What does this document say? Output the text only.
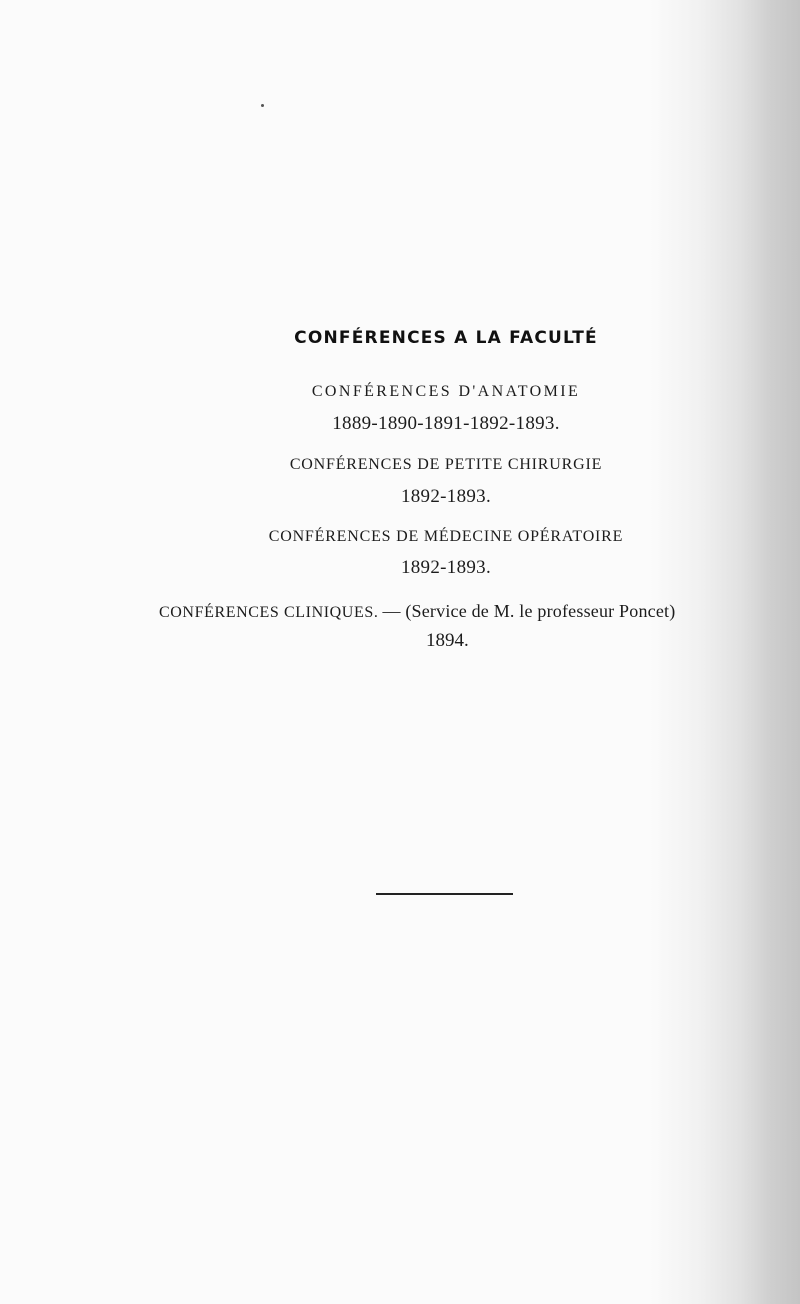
CONFÉRENCES A LA FACULTÉ
CONFÉRENCES D'ANATOMIE
1889-1890-1891-1892-1893.
CONFÉRENCES DE PETITE CHIRURGIE
1892-1893.
CONFÉRENCES DE MÉDECINE OPÉRATOIRE
1892-1893.
CONFÉRENCES CLINIQUES. — (Service de M. le professeur Poncet)
1894.
